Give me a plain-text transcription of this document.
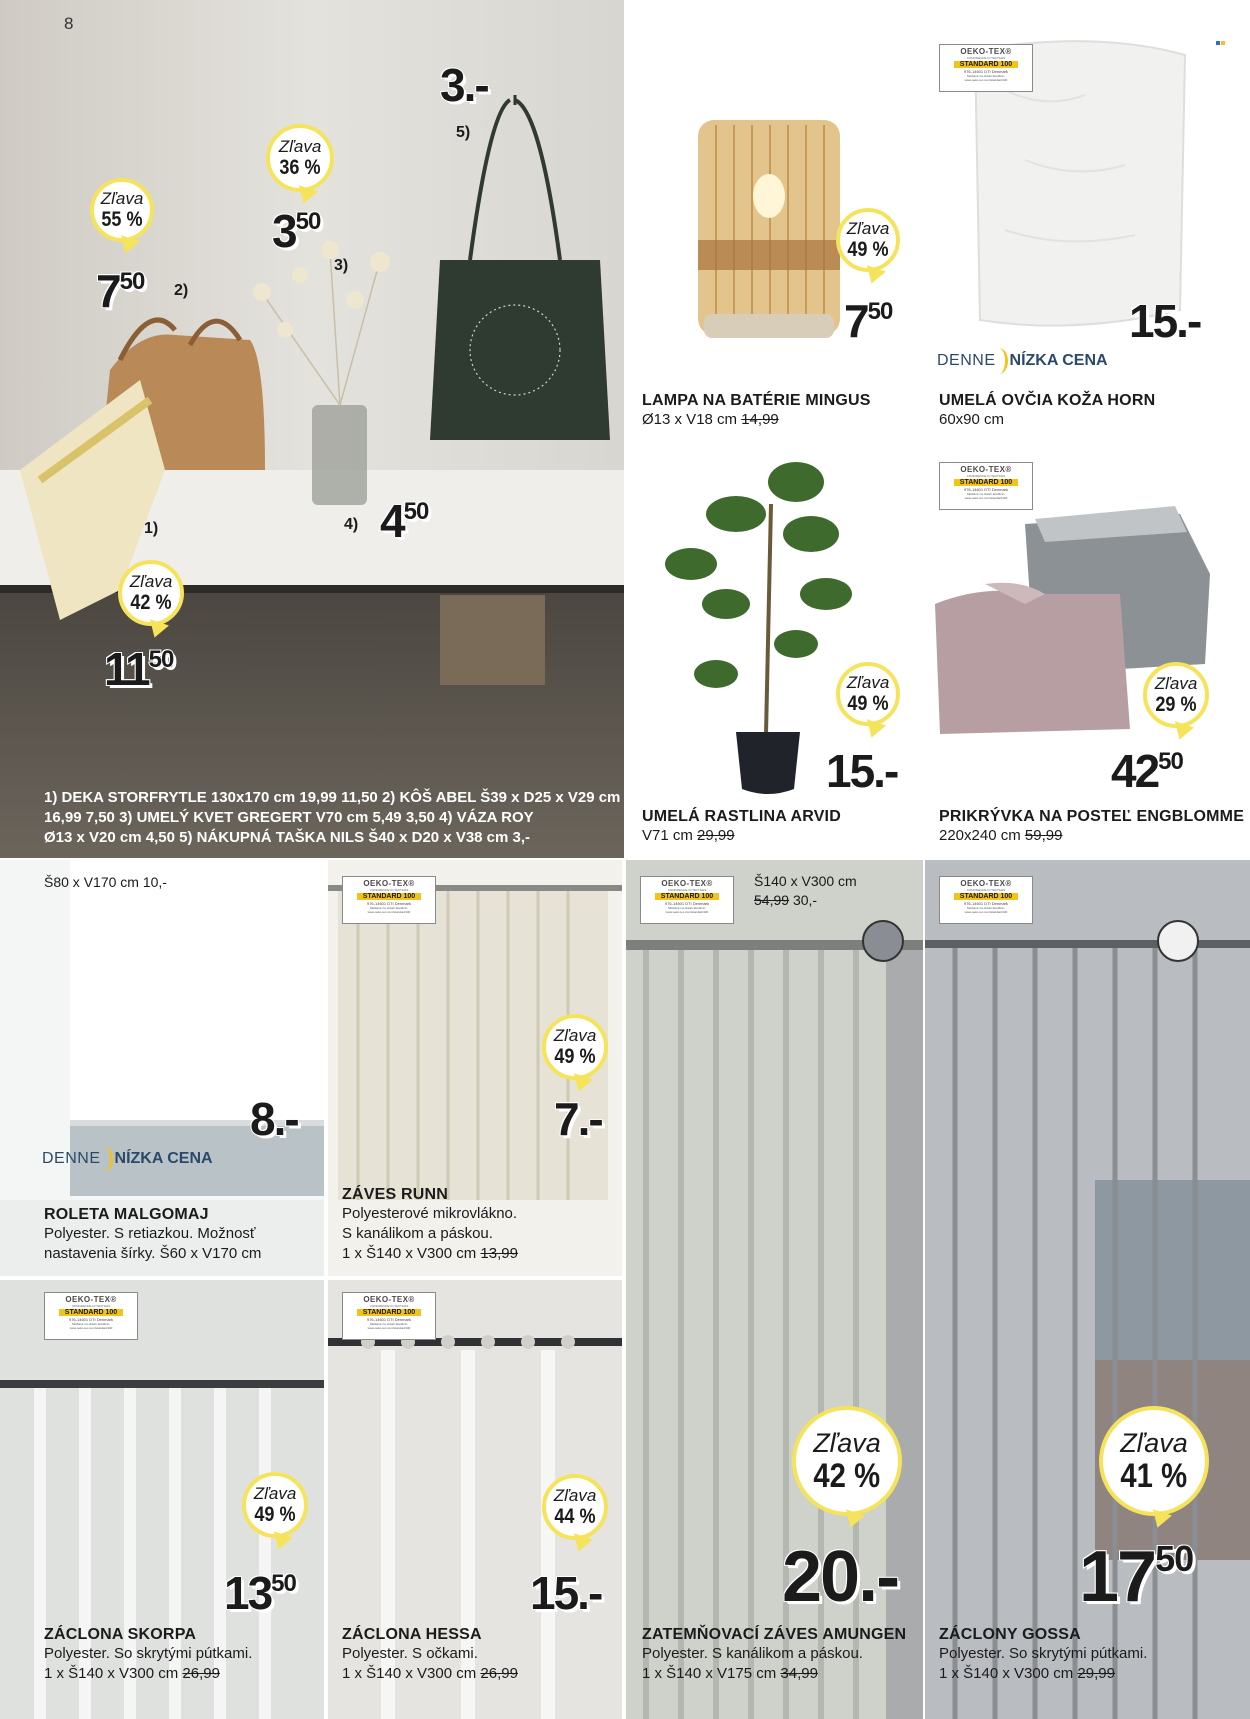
8
Zľava
42 %
Zľava
55 %
Zľava
36 %
3.-
$3^{50}$
$7^{50}$
$4^{50}$
$11^{50}$
1)
2)
3)
4)
5)
1) DEKA STORFRYTLE 130x170 cm 19,99 11,50 2) KÔŠ ABEL Š39 x D25 x V29 cm
16,99 7,50 3) UMELÝ KVET GREGERT V70 cm 5,49 3,50 4) VÁZA ROY
Ø13 x V20 cm 4,50 5) NÁKUPNÁ TAŠKA NILS Š40 x D20 x V38 cm 3,-
Zľava
49 %
$7^{50}$
LAMPA NA BATÉRIE MINGUS
Ø13 x V18 cm 14,99
OEKO-TEX®
CONFIDENCE IN TEXTILES
STANDARD 100
976-14601 DTI Denmark
Skúšané na obsah škodlivín.
www.oeko-tex.com/standard100
15.-
DENNE NÍZKA CENA
UMELÁ OVČIA KOŽA HORN
60x90 cm
Zľava
49 %
15.-
UMELÁ RASTLINA ARVID
V71 cm 29,99
OEKO-TEX®
CONFIDENCE IN TEXTILES
STANDARD 100
976-14601 DTI Denmark
Skúšané na obsah škodlivín.
www.oeko-tex.com/standard100
Zľava
29 %
$42^{50}$
PRIKRÝVKA NA POSTEĽ ENGBLOMME
220x240 cm 59,99
Š80 x V170 cm 10,-
8.-
DENNE NÍZKA CENA
ROLETA MALGOMAJ
Polyester. S retiazkou. Možnosť
nastavenia šírky. Š60 x V170 cm
OEKO-TEX®
CONFIDENCE IN TEXTILES
STANDARD 100
976-14601 DTI Denmark
Skúšané na obsah škodlivín.
www.oeko-tex.com/standard100
Zľava
49 %
7.-
ZÁVES RUNN
Polyesterové mikrovlákno.
S kanálikom a páskou.
1 x Š140 x V300 cm 13,99
OEKO-TEX®
CONFIDENCE IN TEXTILES
STANDARD 100
976-14601 DTI Denmark
Skúšané na obsah škodlivín.
www.oeko-tex.com/standard100
Š140 x V300 cm
54,99 30,-
Zľava
42 %
20.-
ZATEMŇOVACÍ ZÁVES AMUNGEN
Polyester. S kanálikom a páskou.
1 x Š140 x V175 cm 34,99
OEKO-TEX®
CONFIDENCE IN TEXTILES
STANDARD 100
976-14601 DTI Denmark
Skúšané na obsah škodlivín.
www.oeko-tex.com/standard100
Zľava
41 %
$17^{50}$
ZÁCLONY GOSSA
Polyester. So skrytými pútkami.
1 x Š140 x V300 cm 29,99
OEKO-TEX®
CONFIDENCE IN TEXTILES
STANDARD 100
976-14601 DTI Denmark
Skúšané na obsah škodlivín.
www.oeko-tex.com/standard100
Zľava
49 %
$13^{50}$
ZÁCLONA SKORPA
Polyester. So skrytými pútkami.
1 x Š140 x V300 cm 26,99
OEKO-TEX®
CONFIDENCE IN TEXTILES
STANDARD 100
976-14601 DTI Denmark
Skúšané na obsah škodlivín.
www.oeko-tex.com/standard100
Zľava
44 %
15.-
ZÁCLONA HESSA
Polyester. S očkami.
1 x Š140 x V300 cm 26,99
